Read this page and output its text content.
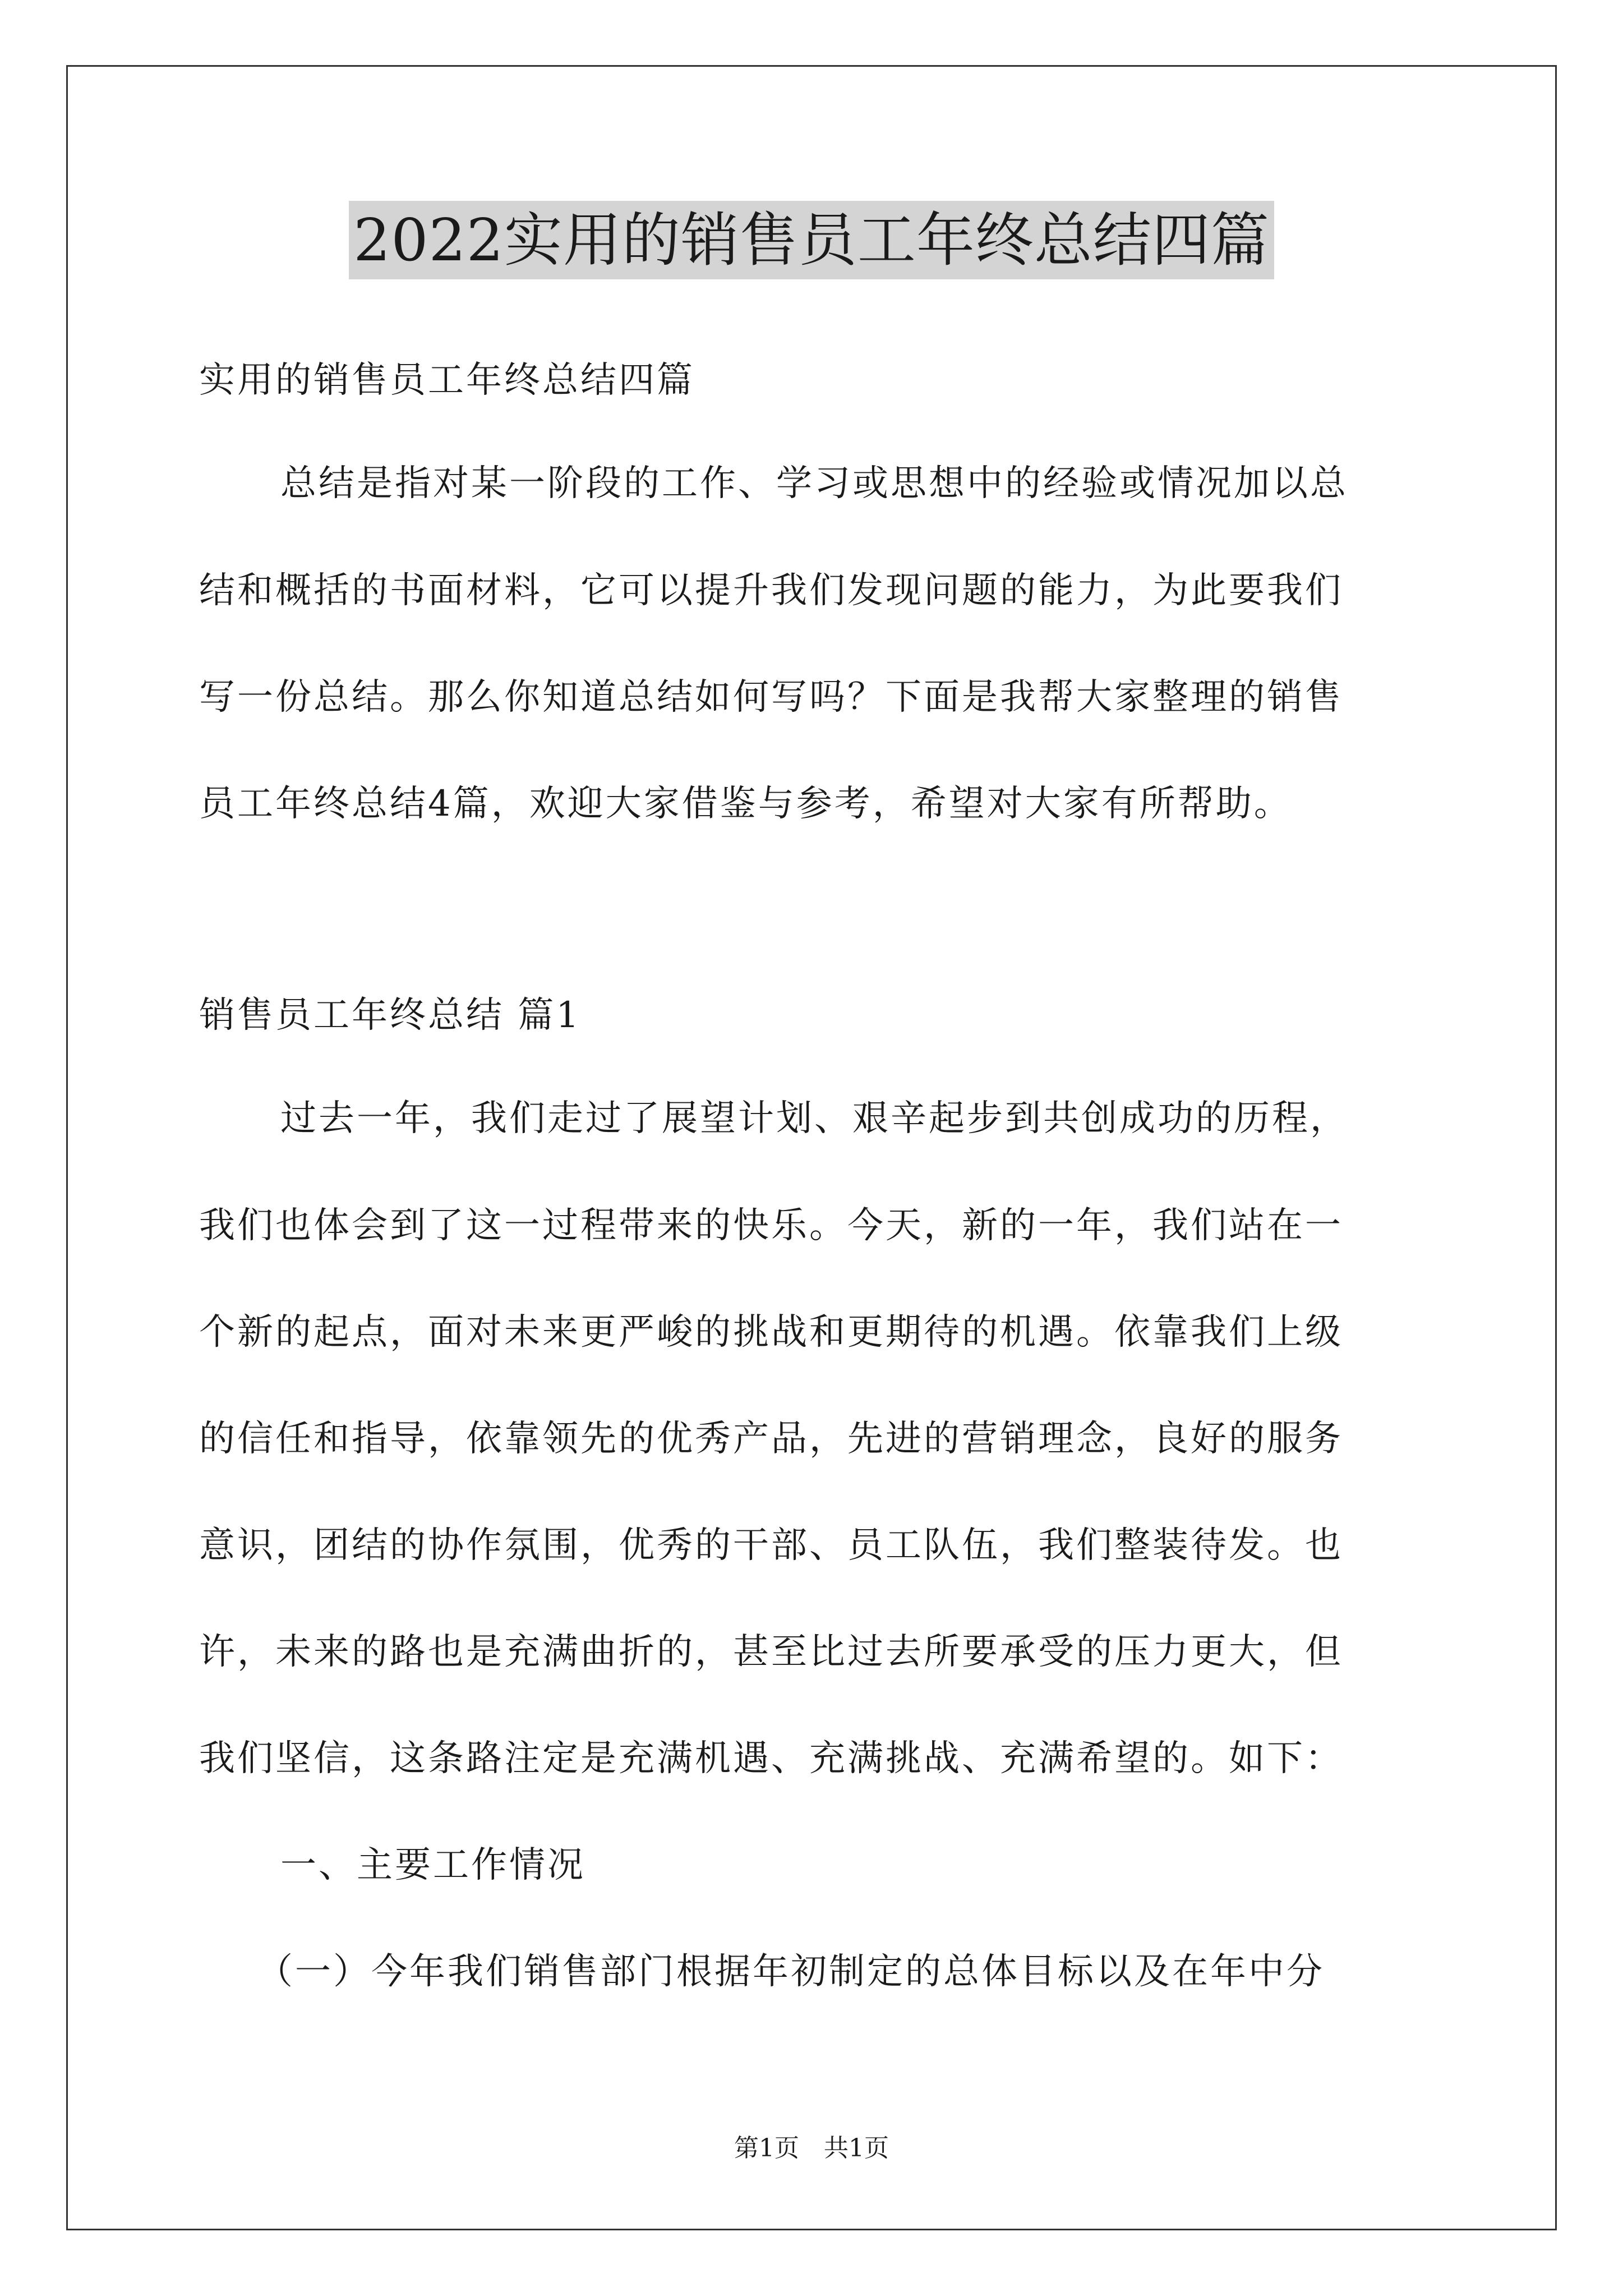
2022实用的销售员工年终总结四篇
实用的销售员工年终总结四篇
总结是指对某一阶段的工作、学习或思想中的经验或情况加以总
结和概括的书面材料，它可以提升我们发现问题的能力，为此要我们
写一份总结。那么你知道总结如何写吗？下面是我帮大家整理的销售
员工年终总结4篇，欢迎大家借鉴与参考，希望对大家有所帮助。
销售员工年终总结 篇1
过去一年，我们走过了展望计划、艰辛起步到共创成功的历程，
我们也体会到了这一过程带来的快乐。今天，新的一年，我们站在一
个新的起点，面对未来更严峻的挑战和更期待的机遇。依靠我们上级
的信任和指导，依靠领先的优秀产品，先进的营销理念，良好的服务
意识，团结的协作氛围，优秀的干部、员工队伍，我们整装待发。也
许，未来的路也是充满曲折的，甚至比过去所要承受的压力更大，但
我们坚信，这条路注定是充满机遇、充满挑战、充满希望的。如下：
一、主要工作情况
（一）今年我们销售部门根据年初制定的总体目标以及在年中分
第1页　共1页
